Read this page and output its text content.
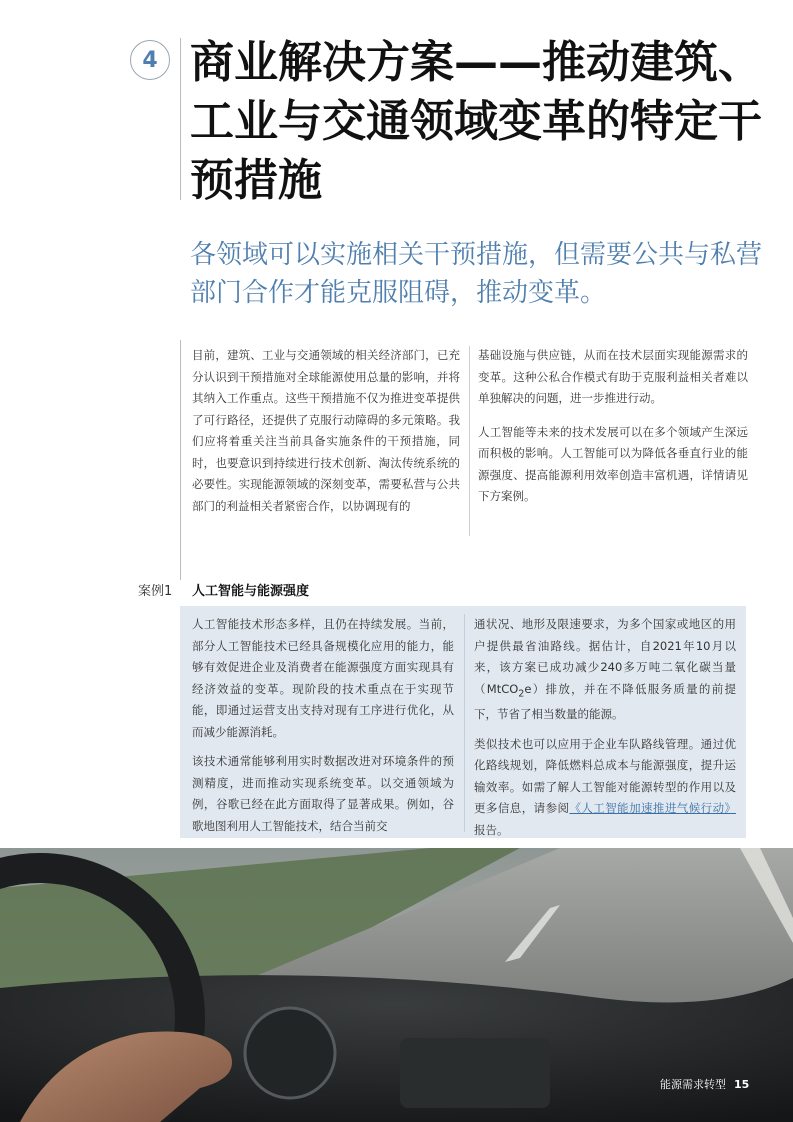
4 商业解决方案——推动建筑、工业与交通领域变革的特定干预措施

各领域可以实施相关干预措施，但需要公共与私营部门合作才能克服阻碍，推动变革。

目前，建筑、工业与交通领域的相关经济部门，已充分认识到干预措施对全球能源使用总量的影响，并将其纳入工作重点。这些干预措施不仅为推进变革提供了可行路径，还提供了克服行动障碍的多元策略。我们应将着重关注当前具备实施条件的干预措施，同时，也要意识到持续进行技术创新、淘汰传统系统的必要性。实现能源领域的深刻变革，需要私营与公共部门的利益相关者紧密合作，以协调现有的

基础设施与供应链，从而在技术层面实现能源需求的变革。这种公私合作模式有助于克服利益相关者难以单独解决的问题，进一步推进行动。

人工智能等未来的技术发展可以在多个领域产生深远而积极的影响。人工智能可以为降低各垂直行业的能源强度、提高能源利用效率创造丰富机遇，详情请见下方案例。

案例1 人工智能与能源强度

人工智能技术形态多样，且仍在持续发展。当前，部分人工智能技术已经具备规模化应用的能力，能够有效促进企业及消费者在能源强度方面实现具有经济效益的变革。现阶段的技术重点在于实现节能，即通过运营支出支持对现有工序进行优化，从而减少能源消耗。

该技术通常能够利用实时数据改进对环境条件的预测精度，进而推动实现系统变革。以交通领域为例，谷歌已经在此方面取得了显著成果。例如，谷歌地图利用人工智能技术，结合当前交

通状况、地形及限速要求，为多个国家或地区的用户提供最省油路线。据估计，自2021年10月以来，该方案已成功减少240多万吨二氧化碳当量（MtCO$_2$e）排放，并在不降低服务质量的前提下，节省了相当数量的能源。

类似技术也可以应用于企业车队路线管理。通过优化路线规划，降低燃料总成本与能源强度，提升运输效率。如需了解人工智能对能源转型的作用以及更多信息，请参阅《人工智能加速推进气候行动》报告。

能源需求转型 15
